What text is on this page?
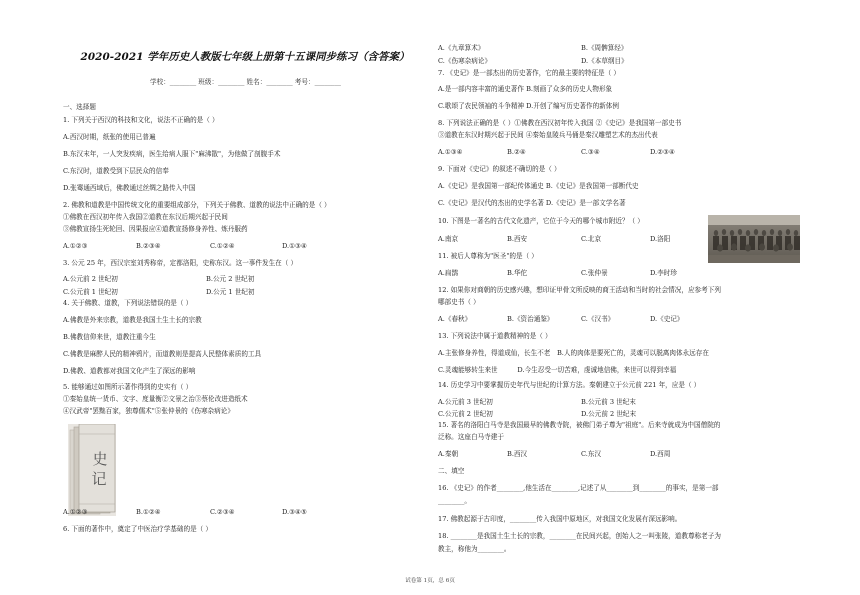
2020-2021 学年历史人教版七年级上册第十五课同步练习（含答案）
学校：________ 班级：________ 姓名：________ 考号：________
一、选择题
1. 下列关于西汉的科技和文化，说法不正确的是（ ）
A.西汉时期，纸张的使用已普遍
B.东汉末年，一人突发疾病，医生给病人服下"麻沸散"，为他做了剖腹手术
C.东汉时，道教受到下层民众的信奉
D.张骞通西域后，佛教通过丝绸之路传入中国
2. 佛教和道教是中国传统文化的重要组成部分，下列关于佛教、道教的说法中正确的是（ ）
①佛教在西汉初年传入我国②道教在东汉后期兴起于民间
③佛教宣扬生死轮回、因果报应④道教宣扬修身养性、炼丹服药
A.①②③	B.②③④	C.①②④	D.①③④
3. 公元 25 年，西汉宗室刘秀称帝，定都洛阳，史称东汉。这一事件发生在（ ）
A.公元前 2 世纪初	B.公元 2 世纪初
C.公元前 1 世纪初	D.公元 1 世纪初
4. 关于佛教、道教，下列说法错误的是（ ）
A.佛教是外来宗教，道教是我国土生土长的宗教
B.佛教信仰来世，道教注重今生
C.佛教是麻醉人民的精神鸦片，而道教则是提高人民整体素质的工具
D.佛教、道教都对我国文化产生了深远的影响
5. 能够通过如图所示著作得到的史实有（ ）
①秦始皇统一货币、文字、度量衡②文景之治③蔡伦改进造纸术
④汉武帝"罢黜百家，独尊儒术"⑤张仲景的《伤寒杂病论》
史
记
A.①②③	B.①②④	C.②③④	D.③④⑤
6. 下面的著作中，奠定了中医治疗学基础的是（ ）
A.《九章算术》	B.《周髀算经》
C.《伤寒杂病论》	D.《本草纲目》
7. 《史记》是一部杰出的历史著作，它的最主要的特征是（ ）
A.是一部内容丰富的通史著作 B.刻画了众多的历史人物形象
C.歌颂了农民领袖的斗争精神 D.开创了编写历史著作的新体例
8. 下列说法正确的是（ ）①佛教在西汉初年传入我国 ②《史记》是我国第一部史书
③道教在东汉时期兴起于民间 ④秦始皇陵兵马俑是秦汉雕塑艺术的杰出代表
A.①③④	B.②④	C.③④	D.②③④
9. 下面对《史记》的叙述不确切的是（ ）
A.《史记》是我国第一部纪传体通史 B.《史记》是我国第一部断代史
C.《史记》是汉代的杰出的史学名著 D.《史记》是一部文学名著
10. 下图是一著名的古代文化遗产，它位于今天的哪个城市附近？（ ）
A.南京	B.西安	C.北京	D.洛阳
11. 被后人尊称为"医圣"的是（ ）
A.扁鹊	B.华佗	C.张仲景	D.李时珍
12. 如果你对商朝的历史感兴趣，想印证甲骨文所反映的商王活动和当时的社会情况，应参考下列
哪部史书（ ）
A.《春秋》	B.《资治通鉴》	C.《汉书》	D.《史记》
13. 下列说法中属于道教精神的是（ ）
A.主张修身养性，得道成仙，长生不老　B.人的肉体是要死亡的，灵魂可以脱离肉体永远存在
C.灵魂能够转生来世　　　D.今生忍受一切苦难，虔诚地信佛，来世可以得到幸福
14. 历史学习中要掌握历史年代与世纪的计算方法。秦朝建立于公元前 221 年，应是（ ）
A.公元前 3 世纪初	B.公元前 3 世纪末
C.公元前 2 世纪初	D.公元前 2 世纪末
15. 著名的洛阳白马寺是我国最早的佛教寺院，被佛门弟子尊为"祖庭"。后来寺就成为中国僧院的
泛称。这座白马寺建于
A.秦朝	B.西汉	C.东汉	D.西周
二、填空
16. 《史记》的作者________,他生活在________,记述了从________到________的事实，是第一部
________。
17. 佛教起源于古印度，________传入我国中原地区，对我国文化发展有深远影响。
18. ________是我国土生土长的宗教，________在民间兴起，创始人之一叫张陵，道教尊称老子为
教主，称他为________。
试卷第 1页，总 6页
